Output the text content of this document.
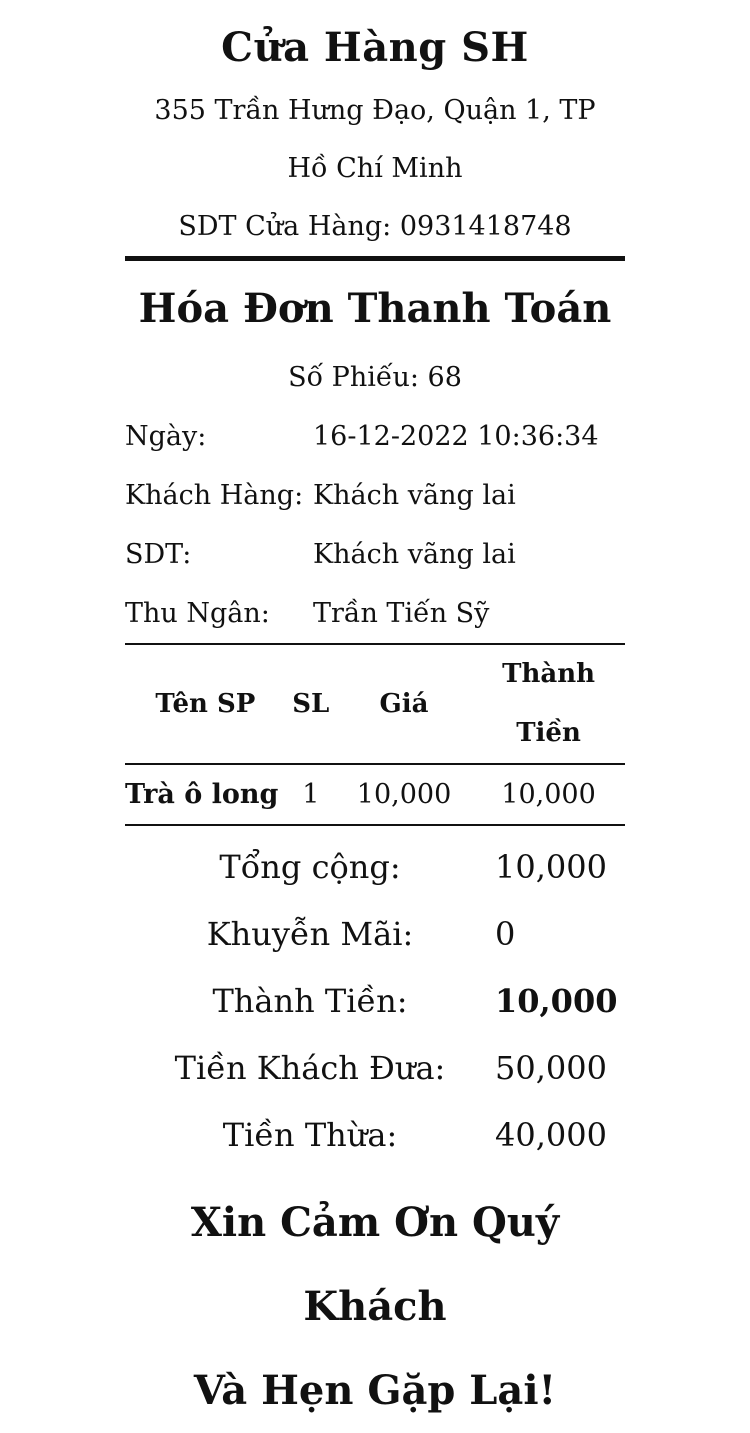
Cửa Hàng SH
355 Trần Hưng Đạo, Quận 1, TP Hồ Chí Minh
SDT Cửa Hàng: 0931418748
Hóa Đơn Thanh Toán
Số Phiếu: 68
Ngày:	16-12-2022 10:36:34
Khách Hàng: Khách vãng lai
SDT:	Khách vãng lai
Thu Ngân:	Trần Tiến Sỹ
Tên SP	SL	Giá	Thành Tiền
Trà ô long	1	10,000	10,000
Tổng cộng:	10,000
Khuyễn Mãi:	0
Thành Tiền:	10,000
Tiền Khách Đưa:	50,000
Tiền Thừa:	40,000
Xin Cảm Ơn Quý Khách
Và Hẹn Gặp Lại!
